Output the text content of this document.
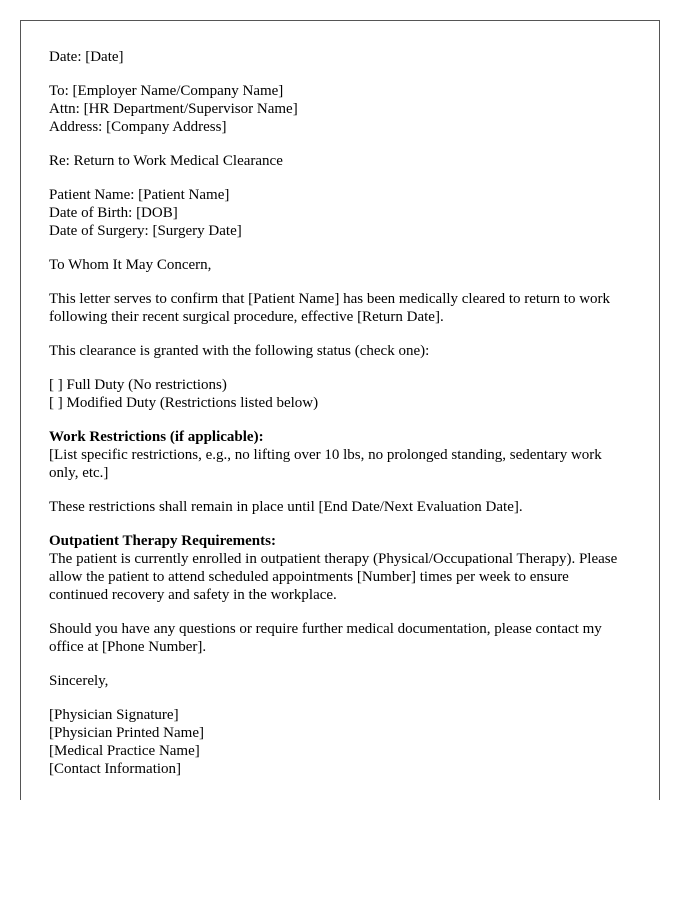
Date: [Date]
To: [Employer Name/Company Name]
Attn: [HR Department/Supervisor Name]
Address: [Company Address]
Re: Return to Work Medical Clearance
Patient Name: [Patient Name]
Date of Birth: [DOB]
Date of Surgery: [Surgery Date]
To Whom It May Concern,
This letter serves to confirm that [Patient Name] has been medically cleared to return to work following their recent surgical procedure, effective [Return Date].
This clearance is granted with the following status (check one):
[ ] Full Duty (No restrictions)
[ ] Modified Duty (Restrictions listed below)
Work Restrictions (if applicable):
[List specific restrictions, e.g., no lifting over 10 lbs, no prolonged standing, sedentary work only, etc.]
These restrictions shall remain in place until [End Date/Next Evaluation Date].
Outpatient Therapy Requirements:
The patient is currently enrolled in outpatient therapy (Physical/Occupational Therapy). Please allow the patient to attend scheduled appointments [Number] times per week to ensure continued recovery and safety in the workplace.
Should you have any questions or require further medical documentation, please contact my office at [Phone Number].
Sincerely,
[Physician Signature]
[Physician Printed Name]
[Medical Practice Name]
[Contact Information]
